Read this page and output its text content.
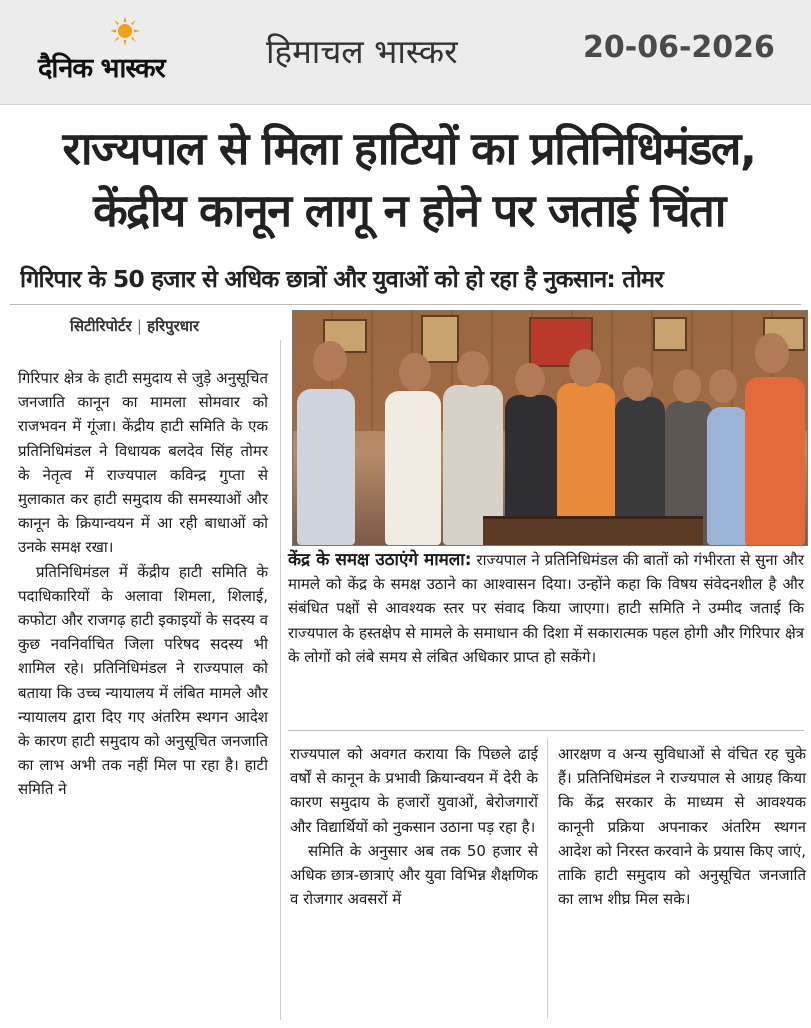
दैनिक भास्कर	हिमाचल भास्कर	20-06-2026
राज्यपाल से मिला हाटियों का प्रतिनिधिमंडल,
केंद्रीय कानून लागू न होने पर जताई चिंता
गिरिपार के 50 हजार से अधिक छात्रों और युवाओं को हो रहा है नुकसान: तोमर
सिटीरिपोर्टर | हरिपुरधार

गिरिपार क्षेत्र के हाटी समुदाय से जुड़े अनुसूचित जनजाति कानून का मामला सोमवार को राजभवन में गूंजा। केंद्रीय हाटी समिति के एक प्रतिनिधिमंडल ने विधायक बलदेव सिंह तोमर के नेतृत्व में राज्यपाल कविन्द्र गुप्ता से मुलाकात कर हाटी समुदाय की समस्याओं और कानून के क्रियान्वयन में आ रही बाधाओं को उनके समक्ष रखा।

प्रतिनिधिमंडल में केंद्रीय हाटी समिति के पदाधिकारियों के अलावा शिमला, शिलाई, कफोटा और राजगढ़ हाटी इकाइयों के सदस्य व कुछ नवनिर्वाचित जिला परिषद सदस्य भी शामिल रहे। प्रतिनिधिमंडल ने राज्यपाल को बताया कि उच्च न्यायालय में लंबित मामले और न्यायालय द्वारा दिए गए अंतरिम स्थगन आदेश के कारण हाटी समुदाय को अनुसूचित जनजाति का लाभ अभी तक नहीं मिल पा रहा है। हाटी समिति ने

केंद्र के समक्ष उठाएंगे मामला: राज्यपाल ने प्रतिनिधिमंडल की बातों को गंभीरता से सुना और मामले को केंद्र के समक्ष उठाने का आश्वासन दिया। उन्होंने कहा कि विषय संवेदनशील है और संबंधित पक्षों से आवश्यक स्तर पर संवाद किया जाएगा। हाटी समिति ने उम्मीद जताई कि राज्यपाल के हस्तक्षेप से मामले के समाधान की दिशा में सकारात्मक पहल होगी और गिरिपार क्षेत्र के लोगों को लंबे समय से लंबित अधिकार प्राप्त हो सकेंगे।

राज्यपाल को अवगत कराया कि पिछले ढाई वर्षों से कानून के प्रभावी क्रियान्वयन में देरी के कारण समुदाय के हजारों युवाओं, बेरोजगारों और विद्यार्थियों को नुकसान उठाना पड़ रहा है।

समिति के अनुसार अब तक 50 हजार से अधिक छात्र-छात्राएं और युवा विभिन्न शैक्षणिक व रोजगार अवसरों में

आरक्षण व अन्य सुविधाओं से वंचित रह चुके हैं। प्रतिनिधिमंडल ने राज्यपाल से आग्रह किया कि केंद्र सरकार के माध्यम से आवश्यक कानूनी प्रक्रिया अपनाकर अंतरिम स्थगन आदेश को निरस्त करवाने के प्रयास किए जाएं, ताकि हाटी समुदाय को अनुसूचित जनजाति का लाभ शीघ्र मिल सके।
